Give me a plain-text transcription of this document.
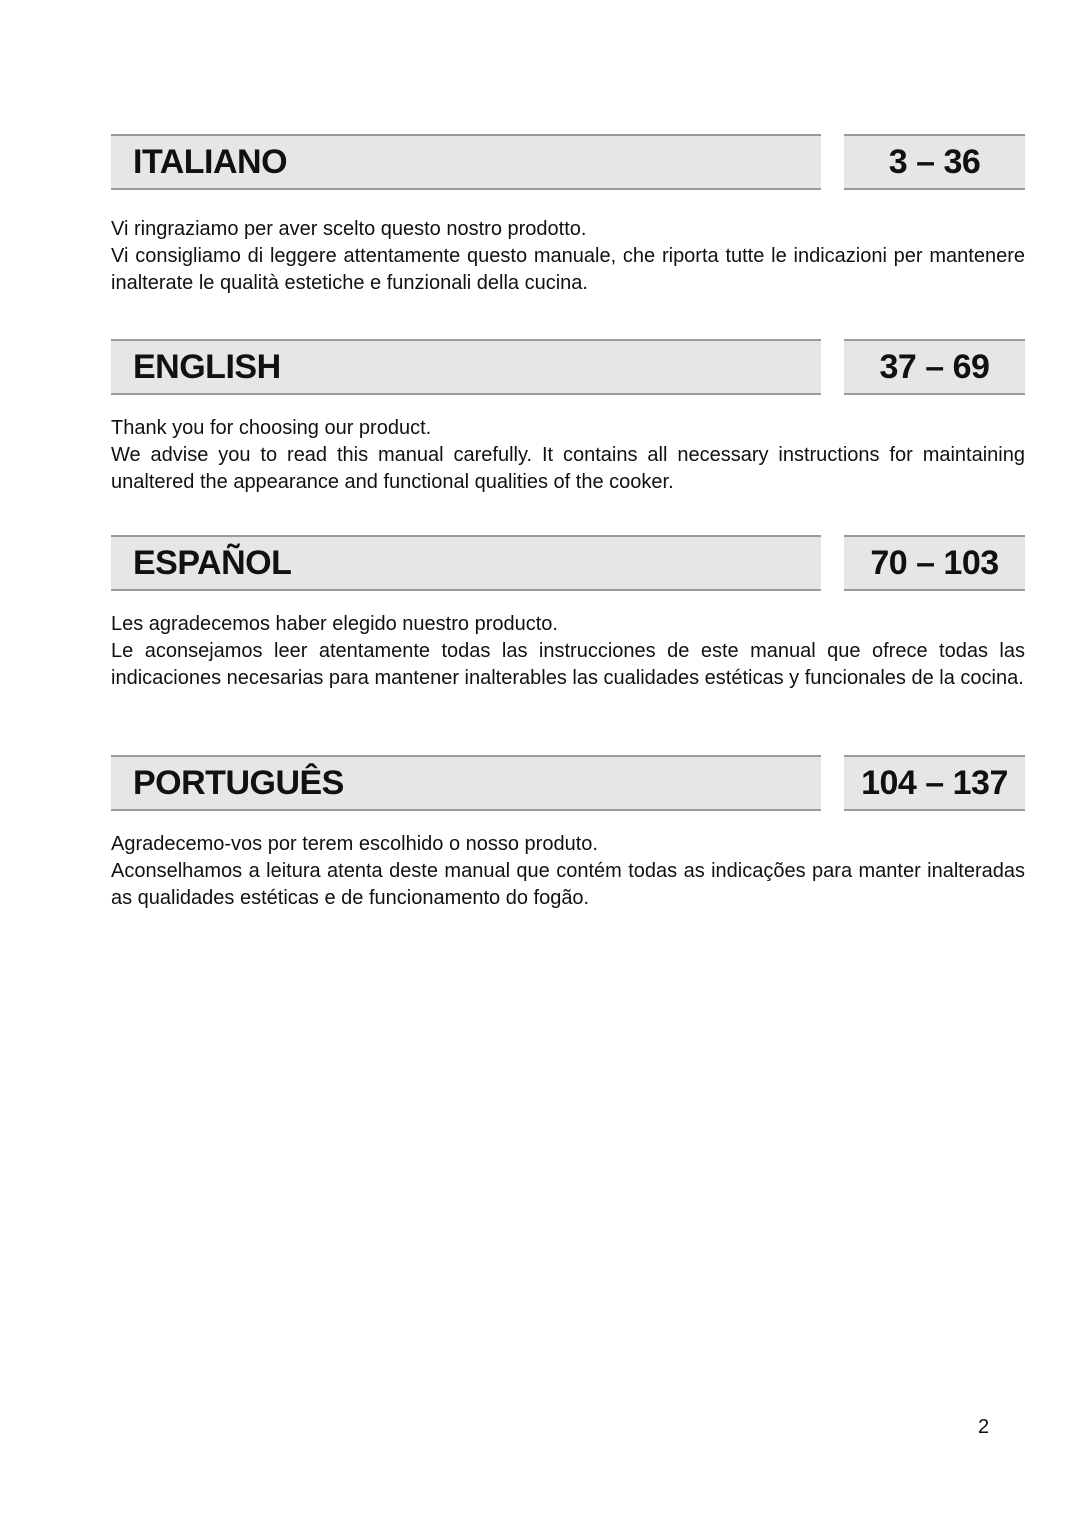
ITALIANO	3 – 36

Vi ringraziamo per aver scelto questo nostro prodotto.

Vi consigliamo di leggere attentamente questo manuale, che riporta tutte le indicazioni per mantenere inalterate le qualità estetiche e funzionali della cucina.

ENGLISH	37 – 69

Thank you for choosing our product.

We advise you to read this manual carefully. It contains all necessary instructions for maintaining unaltered the appearance and functional qualities of the cooker.

ESPAÑOL	70 – 103

Les agradecemos haber elegido nuestro producto.

Le aconsejamos leer atentamente todas las instrucciones de este manual que ofrece todas las indicaciones necesarias para mantener inalterables las cualidades estéticas y funcionales de la cocina.

PORTUGUÊS	104 – 137

Agradecemo-vos por terem escolhido o nosso produto.

Aconselhamos a leitura atenta deste manual que contém todas as indicações para manter inalteradas as qualidades estéticas e de funcionamento do fogão.

2
